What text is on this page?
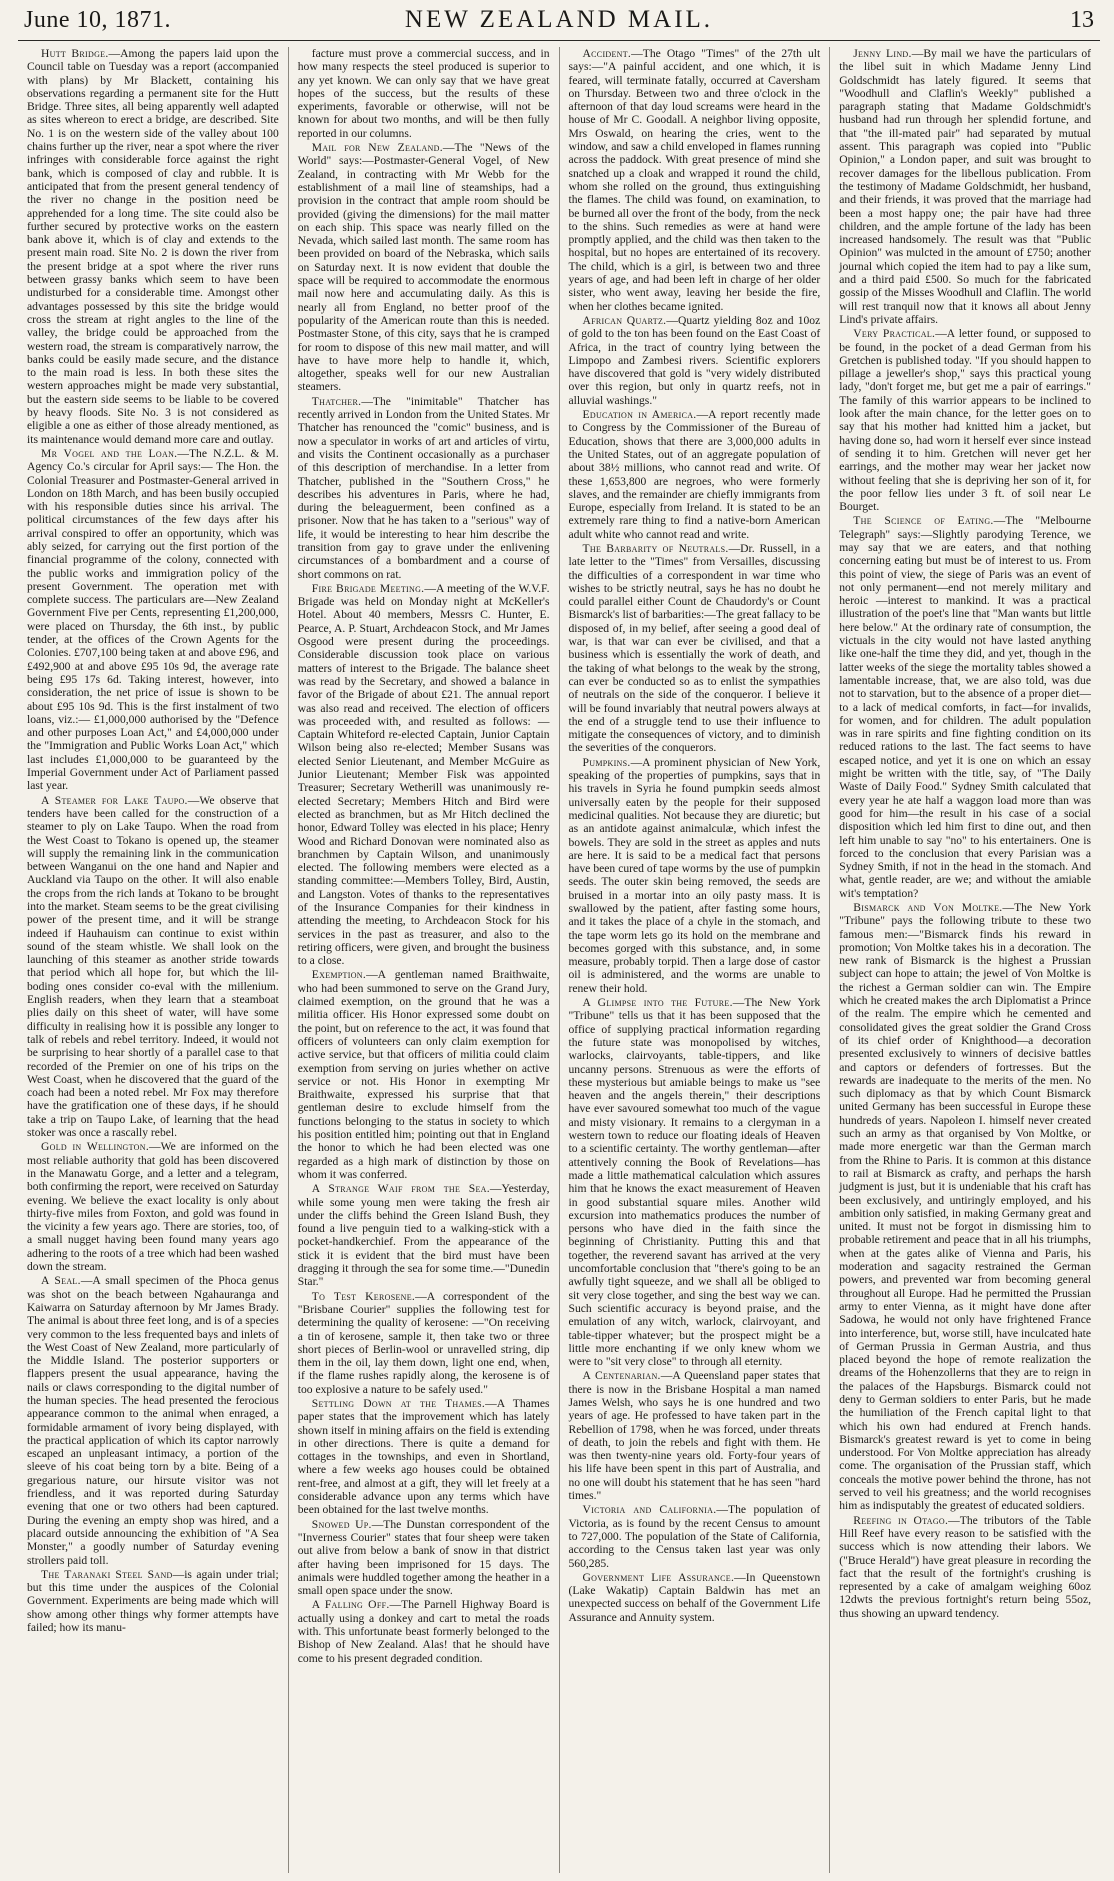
June 10, 1871.	NEW ZEALAND MAIL.	13

Hutt Bridge.—Among the papers laid upon the Council table on Tuesday was a report (accompanied with plans) by Mr Blackett, containing his observations regarding a permanent site for the Hutt Bridge. Three sites, all being apparently well adapted as sites whereon to erect a bridge, are described. Site No. 1 is on the western side of the valley about 100 chains further up the river, near a spot where the river infringes with considerable force against the right bank, which is composed of clay and rubble. It is anticipated that from the present general tendency of the river no change in the position need be apprehended for a long time. The site could also be further secured by protective works on the eastern bank above it, which is of clay and extends to the present main road. Site No. 2 is down the river from the present bridge at a spot where the river runs between grassy banks which seem to have been undisturbed for a considerable time. Amongst other advantages possessed by this site the bridge would cross the stream at right angles to the line of the valley, the bridge could be approached from the western road, the stream is comparatively narrow, the banks could be easily made secure, and the distance to the main road is less. In both these sites the western approaches might be made very substantial, but the eastern side seems to be liable to be covered by heavy floods. Site No. 3 is not considered as eligible a one as either of those already mentioned, as its maintenance would demand more care and outlay.

Mr Vogel and the Loan.—The N.Z.L. & M. Agency Co.'s circular for April says:— The Hon. the Colonial Treasurer and Postmaster-General arrived in London on 18th March, and has been busily occupied with his responsible duties since his arrival. The political circumstances of the few days after his arrival conspired to offer an opportunity, which was ably seized, for carrying out the first portion of the financial programme of the colony, connected with the public works and immigration policy of the present Government. The operation met with complete success. The particulars are—New Zealand Government Five per Cents, representing £1,200,000, were placed on Thursday, the 6th inst., by public tender, at the offices of the Crown Agents for the Colonies. £707,100 being taken at and above £96, and £492,900 at and above £95 10s 9d, the average rate being £95 17s 6d. Taking interest, however, into consideration, the net price of issue is shown to be about £95 10s 9d. This is the first instalment of two loans, viz.:— £1,000,000 authorised by the "Defence and other purposes Loan Act," and £4,000,000 under the "Immigration and Public Works Loan Act," which last includes £1,000,000 to be guaranteed by the Imperial Government under Act of Parliament passed last year.

A Steamer for Lake Taupo.—We observe that tenders have been called for the construction of a steamer to ply on Lake Taupo. When the road from the West Coast to Tokano is opened up, the steamer will supply the remaining link in the communication between Wanganui on the one hand and Napier and Auckland via Taupo on the other. It will also enable the crops from the rich lands at Tokano to be brought into the market. Steam seems to be the great civilising power of the present time, and it will be strange indeed if Hauhauism can continue to exist within sound of the steam whistle. We shall look on the launching of this steamer as another stride towards that period which all hope for, but which the lil-boding ones consider co-eval with the millenium. English readers, when they learn that a steamboat plies daily on this sheet of water, will have some difficulty in realising how it is possible any longer to talk of rebels and rebel territory. Indeed, it would not be surprising to hear shortly of a parallel case to that recorded of the Premier on one of his trips on the West Coast, when he discovered that the guard of the coach had been a noted rebel. Mr Fox may therefore have the gratification one of these days, if he should take a trip on Taupo Lake, of learning that the head stoker was once a rascally rebel.

Gold in Wellington.—We are informed on the most reliable authority that gold has been discovered in the Manawatu Gorge, and a letter and a telegram, both confirming the report, were received on Saturday evening. We believe the exact locality is only about thirty-five miles from Foxton, and gold was found in the vicinity a few years ago. There are stories, too, of a small nugget having been found many years ago adhering to the roots of a tree which had been washed down the stream.

A Seal.—A small specimen of the Phoca genus was shot on the beach between Ngahauranga and Kaiwarra on Saturday afternoon by Mr James Brady. The animal is about three feet long, and is of a species very common to the less frequented bays and inlets of the West Coast of New Zealand, more particularly of the Middle Island. The posterior supporters or flappers present the usual appearance, having the nails or claws corresponding to the digital number of the human species. The head presented the ferocious appearance common to the animal when enraged, a formidable armament of ivory being displayed, with the practical application of which its captor narrowly escaped an unpleasant intimacy, a portion of the sleeve of his coat being torn by a bite. Being of a gregarious nature, our hirsute visitor was not friendless, and it was reported during Saturday evening that one or two others had been captured. During the evening an empty shop was hired, and a placard outside announcing the exhibition of "A Sea Monster," a goodly number of Saturday evening strollers paid toll.

The Taranaki Steel Sand—is again under trial; but this time under the auspices of the Colonial Government. Experiments are being made which will show among other things why former attempts have failed; how its manu-

facture must prove a commercial success, and in how many respects the steel produced is superior to any yet known. We can only say that we have great hopes of the success, but the results of these experiments, favorable or otherwise, will not be known for about two months, and will be then fully reported in our columns.

Mail for New Zealand.—The "News of the World" says:—Postmaster-General Vogel, of New Zealand, in contracting with Mr Webb for the establishment of a mail line of steamships, had a provision in the contract that ample room should be provided (giving the dimensions) for the mail matter on each ship. This space was nearly filled on the Nevada, which sailed last month. The same room has been provided on board of the Nebraska, which sails on Saturday next. It is now evident that double the space will be required to accommodate the enormous mail now here and accumulating daily. As this is nearly all from England, no better proof of the popularity of the American route than this is needed. Postmaster Stone, of this city, says that he is cramped for room to dispose of this new mail matter, and will have to have more help to handle it, which, altogether, speaks well for our new Australian steamers.

Thatcher.—The "inimitable" Thatcher has recently arrived in London from the United States. Mr Thatcher has renounced the "comic" business, and is now a speculator in works of art and articles of virtu, and visits the Continent occasionally as a purchaser of this description of merchandise. In a letter from Thatcher, published in the "Southern Cross," he describes his adventures in Paris, where he had, during the beleaguerment, been confined as a prisoner. Now that he has taken to a "serious" way of life, it would be interesting to hear him describe the transition from gay to grave under the enlivening circumstances of a bombardment and a course of short commons on rat.

Fire Brigade Meeting.—A meeting of the W.V.F. Brigade was held on Monday night at McKeller's Hotel. About 40 members, Messrs C. Hunter, E. Pearce, A. P. Stuart, Archdeacon Stock, and Mr James Osgood were present during the proceedings. Considerable discussion took place on various matters of interest to the Brigade. The balance sheet was read by the Secretary, and showed a balance in favor of the Brigade of about £21. The annual report was also read and received. The election of officers was proceeded with, and resulted as follows: —Captain Whiteford re-elected Captain, Junior Captain Wilson being also re-elected; Member Susans was elected Senior Lieutenant, and Member McGuire as Junior Lieutenant; Member Fisk was appointed Treasurer; Secretary Wetherill was unanimously re-elected Secretary; Members Hitch and Bird were elected as branchmen, but as Mr Hitch declined the honor, Edward Tolley was elected in his place; Henry Wood and Richard Donovan were nominated also as branchmen by Captain Wilson, and unanimously elected. The following members were elected as a standing committee:—Members Tolley, Bird, Austin, and Langston. Votes of thanks to the representatives of the Insurance Companies for their kindness in attending the meeting, to Archdeacon Stock for his services in the past as treasurer, and also to the retiring officers, were given, and brought the business to a close.

Exemption.—A gentleman named Braithwaite, who had been summoned to serve on the Grand Jury, claimed exemption, on the ground that he was a militia officer. His Honor expressed some doubt on the point, but on reference to the act, it was found that officers of volunteers can only claim exemption for active service, but that officers of militia could claim exemption from serving on juries whether on active service or not. His Honor in exempting Mr Braithwaite, expressed his surprise that that gentleman desire to exclude himself from the functions belonging to the status in society to which his position entitled him; pointing out that in England the honor to which he had been elected was one regarded as a high mark of distinction by those on whom it was conferred.

A Strange Waif from the Sea.—Yesterday, while some young men were taking the fresh air under the cliffs behind the Green Island Bush, they found a live penguin tied to a walking-stick with a pocket-handkerchief. From the appearance of the stick it is evident that the bird must have been dragging it through the sea for some time.—"Dunedin Star."

To Test Kerosene.—A correspondent of the "Brisbane Courier" supplies the following test for determining the quality of kerosene: —"On receiving a tin of kerosene, sample it, then take two or three short pieces of Berlin-wool or unravelled string, dip them in the oil, lay them down, light one end, when, if the flame rushes rapidly along, the kerosene is of too explosive a nature to be safely used."

Settling Down at the Thames.—A Thames paper states that the improvement which has lately shown itself in mining affairs on the field is extending in other directions. There is quite a demand for cottages in the townships, and even in Shortland, where a few weeks ago houses could be obtained rent-free, and almost at a gift, they will let freely at a considerable advance upon any terms which have been obtained for the last twelve months.

Snowed Up.—The Dunstan correspondent of the "Inverness Courier" states that four sheep were taken out alive from below a bank of snow in that district after having been imprisoned for 15 days. The animals were huddled together among the heather in a small open space under the snow.

A Falling Off.—The Parnell Highway Board is actually using a donkey and cart to metal the roads with. This unfortunate beast formerly belonged to the Bishop of New Zealand. Alas! that he should have come to his present degraded condition.

Accident.—The Otago "Times" of the 27th ult says:—"A painful accident, and one which, it is feared, will terminate fatally, occurred at Caversham on Thursday. Between two and three o'clock in the afternoon of that day loud screams were heard in the house of Mr C. Goodall. A neighbor living opposite, Mrs Oswald, on hearing the cries, went to the window, and saw a child enveloped in flames running across the paddock. With great presence of mind she snatched up a cloak and wrapped it round the child, whom she rolled on the ground, thus extinguishing the flames. The child was found, on examination, to be burned all over the front of the body, from the neck to the shins. Such remedies as were at hand were promptly applied, and the child was then taken to the hospital, but no hopes are entertained of its recovery. The child, which is a girl, is between two and three years of age, and had been left in charge of her older sister, who went away, leaving her beside the fire, when her clothes became ignited.

African Quartz.—Quartz yielding 8oz and 10oz of gold to the ton has been found on the East Coast of Africa, in the tract of country lying between the Limpopo and Zambesi rivers. Scientific explorers have discovered that gold is "very widely distributed over this region, but only in quartz reefs, not in alluvial washings."

Education in America.—A report recently made to Congress by the Commissioner of the Bureau of Education, shows that there are 3,000,000 adults in the United States, out of an aggregate population of about 38½ millions, who cannot read and write. Of these 1,653,800 are negroes, who were formerly slaves, and the remainder are chiefly immigrants from Europe, especially from Ireland. It is stated to be an extremely rare thing to find a native-born American adult white who cannot read and write.

The Barbarity of Neutrals.—Dr. Russell, in a late letter to the "Times" from Versailles, discussing the difficulties of a correspondent in war time who wishes to be strictly neutral, says he has no doubt he could parallel either Count de Chaudordy's or Count Bismarck's list of barbarities:—The great fallacy to be disposed of, in my belief, after seeing a good deal of war, is that war can ever be civilised, and that a business which is essentially the work of death, and the taking of what belongs to the weak by the strong, can ever be conducted so as to enlist the sympathies of neutrals on the side of the conqueror. I believe it will be found invariably that neutral powers always at the end of a struggle tend to use their influence to mitigate the consequences of victory, and to diminish the severities of the conquerors.

Pumpkins.—A prominent physician of New York, speaking of the properties of pumpkins, says that in his travels in Syria he found pumpkin seeds almost universally eaten by the people for their supposed medicinal qualities. Not because they are diuretic; but as an antidote against animalculæ, which infest the bowels. They are sold in the street as apples and nuts are here. It is said to be a medical fact that persons have been cured of tape worms by the use of pumpkin seeds. The outer skin being removed, the seeds are bruised in a mortar into an oily pasty mass. It is swallowed by the patient, after fasting some hours, and it takes the place of a chyle in the stomach, and the tape worm lets go its hold on the membrane and becomes gorged with this substance, and, in some measure, probably torpid. Then a large dose of castor oil is administered, and the worms are unable to renew their hold.

A Glimpse into the Future.—The New York "Tribune" tells us that it has been supposed that the office of supplying practical information regarding the future state was monopolised by witches, warlocks, clairvoyants, table-tippers, and like uncanny persons. Strenuous as were the efforts of these mysterious but amiable beings to make us "see heaven and the angels therein," their descriptions have ever savoured somewhat too much of the vague and misty visionary. It remains to a clergyman in a western town to reduce our floating ideals of Heaven to a scientific certainty. The worthy gentleman—after attentively conning the Book of Revelations—has made a little mathematical calculation which assures him that he knows the exact measurement of Heaven in good substantial square miles. Another wild excursion into mathematics produces the number of persons who have died in the faith since the beginning of Christianity. Putting this and that together, the reverend savant has arrived at the very uncomfortable conclusion that "there's going to be an awfully tight squeeze, and we shall all be obliged to sit very close together, and sing the best way we can. Such scientific accuracy is beyond praise, and the emulation of any witch, warlock, clairvoyant, and table-tipper whatever; but the prospect might be a little more enchanting if we only knew whom we were to "sit very close" to through all eternity.

A Centenarian.—A Queensland paper states that there is now in the Brisbane Hospital a man named James Welsh, who says he is one hundred and two years of age. He professed to have taken part in the Rebellion of 1798, when he was forced, under threats of death, to join the rebels and fight with them. He was then twenty-nine years old. Forty-four years of his life have been spent in this part of Australia, and no one will doubt his statement that he has seen "hard times."

Victoria and California.—The population of Victoria, as is found by the recent Census to amount to 727,000. The population of the State of California, according to the Census taken last year was only 560,285.

Government Life Assurance.—In Queenstown (Lake Wakatip) Captain Baldwin has met an unexpected success on behalf of the Government Life Assurance and Annuity system.

Jenny Lind.—By mail we have the particulars of the libel suit in which Madame Jenny Lind Goldschmidt has lately figured. It seems that "Woodhull and Claflin's Weekly" published a paragraph stating that Madame Goldschmidt's husband had run through her splendid fortune, and that "the ill-mated pair" had separated by mutual assent. This paragraph was copied into "Public Opinion," a London paper, and suit was brought to recover damages for the libellous publication. From the testimony of Madame Goldschmidt, her husband, and their friends, it was proved that the marriage had been a most happy one; the pair have had three children, and the ample fortune of the lady has been increased handsomely. The result was that "Public Opinion" was mulcted in the amount of £750; another journal which copied the item had to pay a like sum, and a third paid £500. So much for the fabricated gossip of the Misses Woodhull and Claflin. The world will rest tranquil now that it knows all about Jenny Lind's private affairs.

Very Practical.—A letter found, or supposed to be found, in the pocket of a dead German from his Gretchen is published today. "If you should happen to pillage a jeweller's shop," says this practical young lady, "don't forget me, but get me a pair of earrings." The family of this warrior appears to be inclined to look after the main chance, for the letter goes on to say that his mother had knitted him a jacket, but having done so, had worn it herself ever since instead of sending it to him. Gretchen will never get her earrings, and the mother may wear her jacket now without feeling that she is depriving her son of it, for the poor fellow lies under 3 ft. of soil near Le Bourget.

The Science of Eating.—The "Melbourne Telegraph" says:—Slightly parodying Terence, we may say that we are eaters, and that nothing concerning eating but must be of interest to us. From this point of view, the siege of Paris was an event of not only permanent—end not merely military and heroic —interest to mankind. It was a practical illustration of the poet's line that "Man wants but little here below." At the ordinary rate of consumption, the victuals in the city would not have lasted anything like one-half the time they did, and yet, though in the latter weeks of the siege the mortality tables showed a lamentable increase, that, we are also told, was due not to starvation, but to the absence of a proper diet—to a lack of medical comforts, in fact—for invalids, for women, and for children. The adult population was in rare spirits and fine fighting condition on its reduced rations to the last. The fact seems to have escaped notice, and yet it is one on which an essay might be written with the title, say, of "The Daily Waste of Daily Food." Sydney Smith calculated that every year he ate half a waggon load more than was good for him—the result in his case of a social disposition which led him first to dine out, and then left him unable to say "no" to his entertainers. One is forced to the conclusion that every Parisian was a Sydney Smith, if not in the head in the stomach. And what, gentle reader, are we; and without the amiable wit's temptation?

Bismarck and Von Moltke.—The New York "Tribune" pays the following tribute to these two famous men:—"Bismarck finds his reward in promotion; Von Moltke takes his in a decoration. The new rank of Bismarck is the highest a Prussian subject can hope to attain; the jewel of Von Moltke is the richest a German soldier can win. The Empire which he created makes the arch Diplomatist a Prince of the realm. The empire which he cemented and consolidated gives the great soldier the Grand Cross of its chief order of Knighthood—a decoration presented exclusively to winners of decisive battles and captors or defenders of fortresses. But the rewards are inadequate to the merits of the men. No such diplomacy as that by which Count Bismarck united Germany has been successful in Europe these hundreds of years. Napoleon I. himself never created such an army as that organised by Von Moltke, or made more energetic war than the German march from the Rhine to Paris. It is common at this distance to rail at Bismarck as crafty, and perhaps the harsh judgment is just, but it is undeniable that his craft has been exclusively, and untiringly employed, and his ambition only satisfied, in making Germany great and united. It must not be forgot in dismissing him to probable retirement and peace that in all his triumphs, when at the gates alike of Vienna and Paris, his moderation and sagacity restrained the German powers, and prevented war from becoming general throughout all Europe. Had he permitted the Prussian army to enter Vienna, as it might have done after Sadowa, he would not only have frightened France into interference, but, worse still, have inculcated hate of German Prussia in German Austria, and thus placed beyond the hope of remote realization the dreams of the Hohenzollerns that they are to reign in the palaces of the Hapsburgs. Bismarck could not deny to German soldiers to enter Paris, but he made the humiliation of the French capital light to that which his own had endured at French hands. Bismarck's greatest reward is yet to come in being understood. For Von Moltke appreciation has already come. The organisation of the Prussian staff, which conceals the motive power behind the throne, has not served to veil his greatness; and the world recognises him as indisputably the greatest of educated soldiers.

Reefing in Otago.—The tributors of the Table Hill Reef have every reason to be satisfied with the success which is now attending their labors. We ("Bruce Herald") have great pleasure in recording the fact that the result of the fortnight's crushing is represented by a cake of amalgam weighing 60oz 12dwts the previous fortnight's return being 55oz, thus showing an upward tendency.
